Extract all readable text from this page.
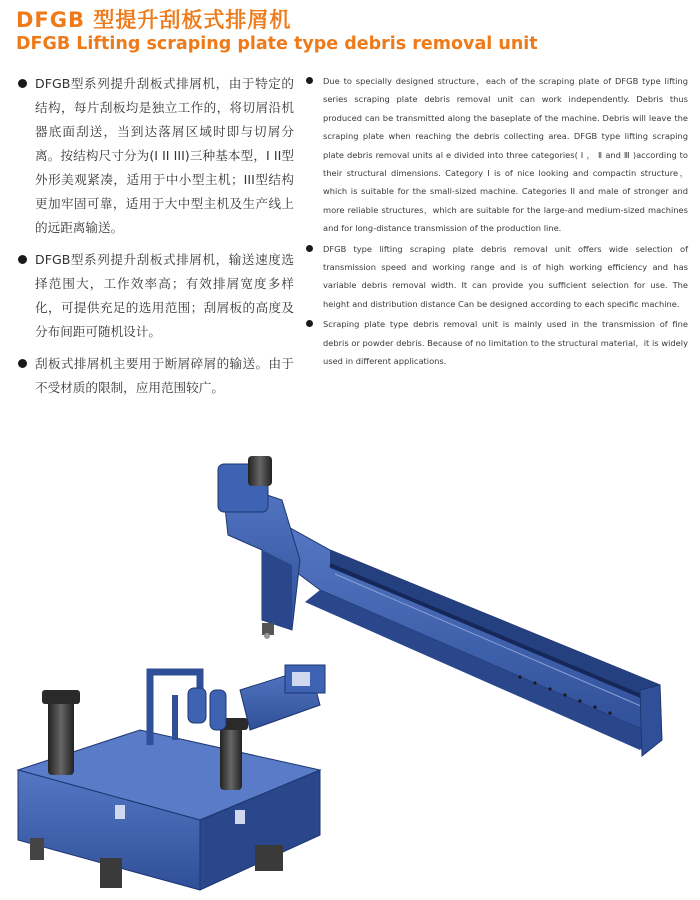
DFGB 型提升刮板式排屑机
DFGB Lifting scraping plate type debris removal unit

DFGB型系列提升刮板式排屑机，由于特定的结构，每片刮板均是独立工作的，将切屑沿机器底面刮送，当到达落屑区域时即与切屑分离。按结构尺寸分为(I II III)三种基本型，I II型外形美观紧凑，适用于中小型主机；III型结构更加牢固可靠，适用于大中型主机及生产线上的远距离输送。

DFGB型系列提升刮板式排屑机，输送速度选择范围大，工作效率高；有效排屑宽度多样化，可提供充足的选用范围；刮屑板的高度及分布间距可随机设计。

刮板式排屑机主要用于断屑碎屑的输送。由于不受材质的限制，应用范围较广。

Due to specially designed structure，each of the scraping plate of DFGB type lifting series scraping plate debris removal unit can work independently. Debris thus produced can be transmitted along the baseplate of the machine. Debris will leave the scraping plate when reaching the debris collecting area. DFGB type lifting scraping plate debris removal units al e divided into three categories( Ⅰ ， Ⅱ and Ⅲ )according to their structural dimensions. Category I is of nice looking and compactin structure，which is suitable for the small-sized machine. Categories II and male of stronger and more reliable structures，which are suitable for the large-and medium-sized machines and for long-distance transmission of the production line.

DFGB type lifting scraping plate debris removal unit offers wide selection of transmission speed and working range and is of high working efficiency and has variable debris removal width. It can provide you sufficient selection for use. The height and distribution distance Can be designed according to each specific machine.

Scraping plate type debris removal unit is mainly used in the transmission of fine debris or powder debris. Because of no limitation to the structural material，it is widely used in different applications.
